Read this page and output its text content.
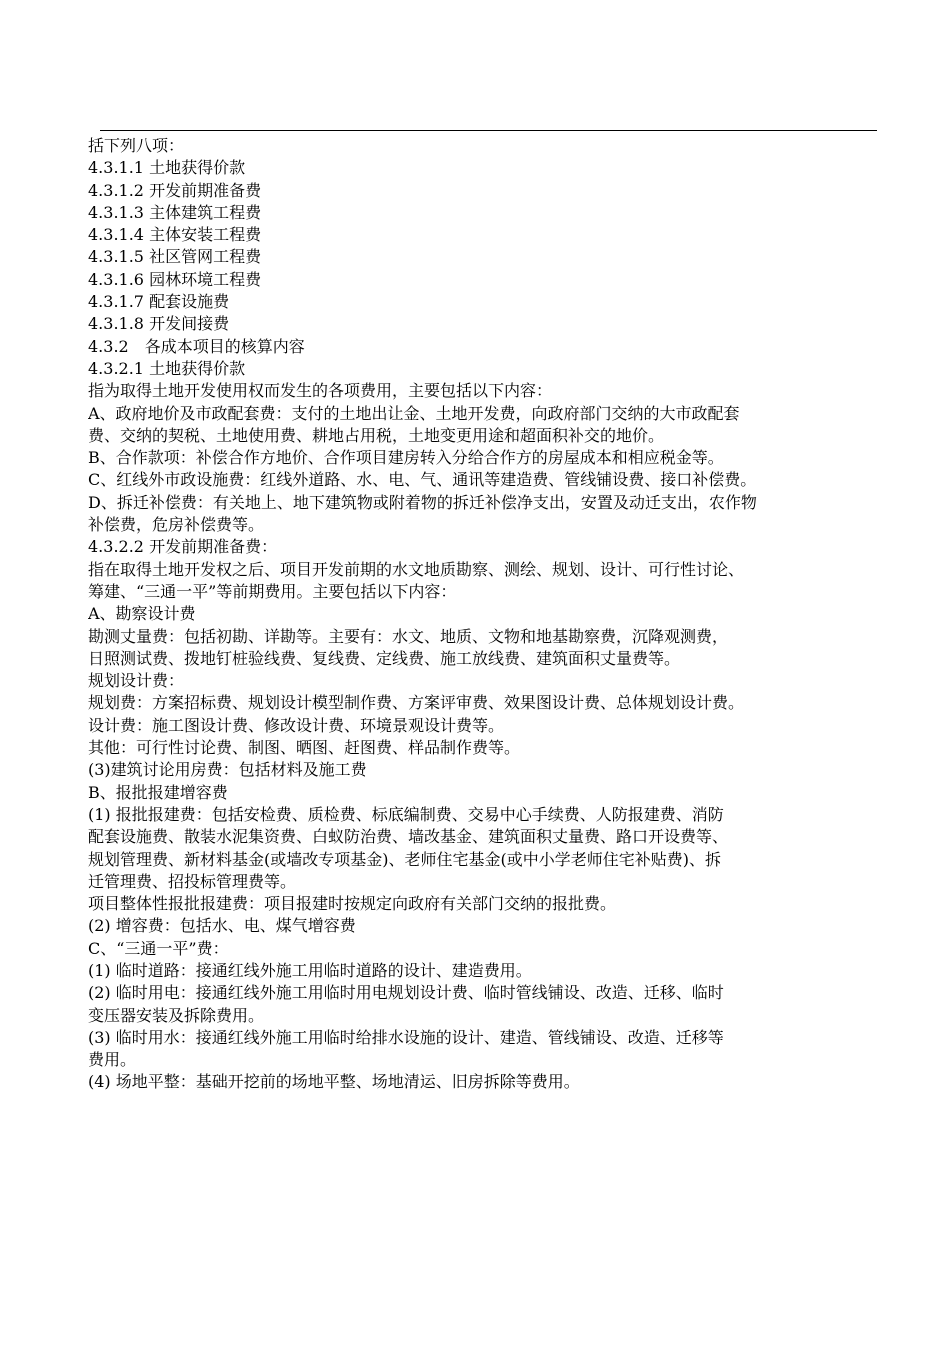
括下列八项：
4.3.1.1 土地获得价款
4.3.1.2 开发前期准备费
4.3.1.3 主体建筑工程费
4.3.1.4 主体安装工程费
4.3.1.5 社区管网工程费
4.3.1.6 园林环境工程费
4.3.1.7 配套设施费
4.3.1.8 开发间接费
4.3.2　各成本项目的核算内容
4.3.2.1 土地获得价款
指为取得土地开发使用权而发生的各项费用，主要包括以下内容：
A、政府地价及市政配套费：支付的土地出让金、土地开发费，向政府部门交纳的大市政配套
费、交纳的契税、土地使用费、耕地占用税，土地变更用途和超面积补交的地价。
B、合作款项：补偿合作方地价、合作项目建房转入分给合作方的房屋成本和相应税金等。
C、红线外市政设施费：红线外道路、水、电、气、通讯等建造费、管线铺设费、接口补偿费。
D、拆迁补偿费：有关地上、地下建筑物或附着物的拆迁补偿净支出，安置及动迁支出，农作物
补偿费，危房补偿费等。
4.3.2.2 开发前期准备费：
指在取得土地开发权之后、项目开发前期的水文地质勘察、测绘、规划、设计、可行性讨论、
筹建、“三通一平”等前期费用。主要包括以下内容：
A、勘察设计费
勘测丈量费：包括初勘、详勘等。主要有：水文、地质、文物和地基勘察费，沉降观测费，
日照测试费、拨地钉桩验线费、复线费、定线费、施工放线费、建筑面积丈量费等。
规划设计费：
规划费：方案招标费、规划设计模型制作费、方案评审费、效果图设计费、总体规划设计费。
设计费：施工图设计费、修改设计费、环境景观设计费等。
其他：可行性讨论费、制图、晒图、赶图费、样品制作费等。
(3)建筑讨论用房费：包括材料及施工费
B、报批报建增容费
(1) 报批报建费：包括安检费、质检费、标底编制费、交易中心手续费、人防报建费、消防
配套设施费、散装水泥集资费、白蚁防治费、墙改基金、建筑面积丈量费、路口开设费等、
规划管理费、新材料基金(或墙改专项基金)、老师住宅基金(或中小学老师住宅补贴费)、拆
迁管理费、招投标管理费等。
项目整体性报批报建费：项目报建时按规定向政府有关部门交纳的报批费。
(2) 增容费：包括水、电、煤气增容费
C、“三通一平”费：
(1) 临时道路：接通红线外施工用临时道路的设计、建造费用。
(2) 临时用电：接通红线外施工用临时用电规划设计费、临时管线铺设、改造、迁移、临时
变压器安装及拆除费用。
(3) 临时用水：接通红线外施工用临时给排水设施的设计、建造、管线铺设、改造、迁移等
费用。
(4) 场地平整：基础开挖前的场地平整、场地清运、旧房拆除等费用。
